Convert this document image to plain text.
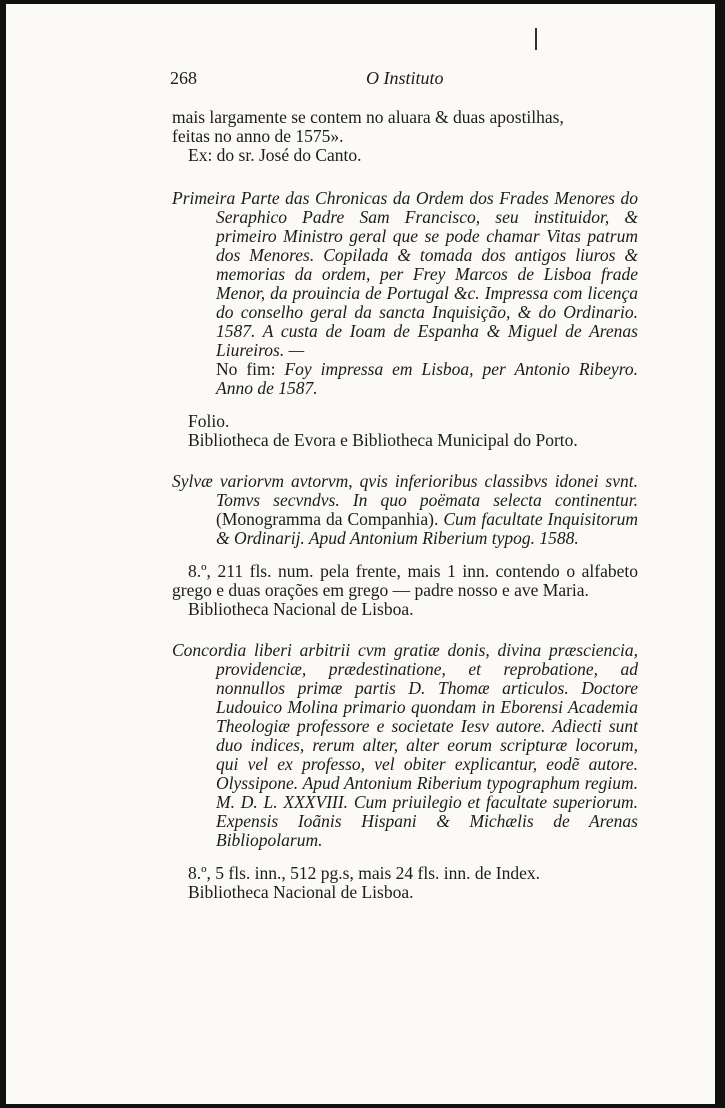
268	O Instituto

mais largamente se contem no aluara & duas apostilhas,

feitas no anno de 1575».

Ex: do sr. José do Canto.

Primeira Parte das Chronicas da Ordem dos Frades Menores do Seraphico Padre Sam Francisco, seu instituidor, & primeiro Ministro geral que se pode chamar Vitas patrum dos Menores. Copilada & tomada dos antigos liuros & memorias da ordem, per Frey Marcos de Lisboa frade Menor, da prouincia de Portugal &c. Impressa com licença do conselho geral da sancta Inquisição, & do Ordinario. 1587. A custa de Ioam de Espanha & Miguel de Arenas Liureiros. —

No fim: Foy impressa em Lisboa, per Antonio Ribeyro. Anno de 1587.

Folio.

Bibliotheca de Evora e Bibliotheca Municipal do Porto.

Sylvæ variorvm avtorvm, qvis inferioribus classibvs idonei svnt. Tomvs secvndvs. In quo poëmata selecta continentur. (Monogramma da Companhia). Cum facultate Inquisitorum & Ordinarij. Apud Antonium Riberium typog. 1588.

8.º, 211 fls. num. pela frente, mais 1 inn. contendo o alfabeto grego e duas orações em grego — padre nosso e ave Maria.

Bibliotheca Nacional de Lisboa.

Concordia liberi arbitrii cvm gratiæ donis, divina præscienciа, providenciæ, prædestinatione, et reprobatione, ad nonnullos primæ partis D. Thomæ articulos. Doctore Ludouico Molina primario quondam in Eborensi Academia Theologiæ professore e societate Iesv autore. Adiecti sunt duo indices, rerum alter, alter eorum scripturæ locorum, qui vel ex professo, vel obiter explicantur, eodẽ autore. Olyssipone. Apud Antonium Riberium typographum regium. M. D. L. XXXVIII. Cum priuilegio et facultate superiorum. Expensis Ioãnis Hispani & Michælis de Arenas Bibliopolarum.

8.º, 5 fls. inn., 512 pg.s, mais 24 fls. inn. de Index.

Bibliotheca Nacional de Lisboa.
